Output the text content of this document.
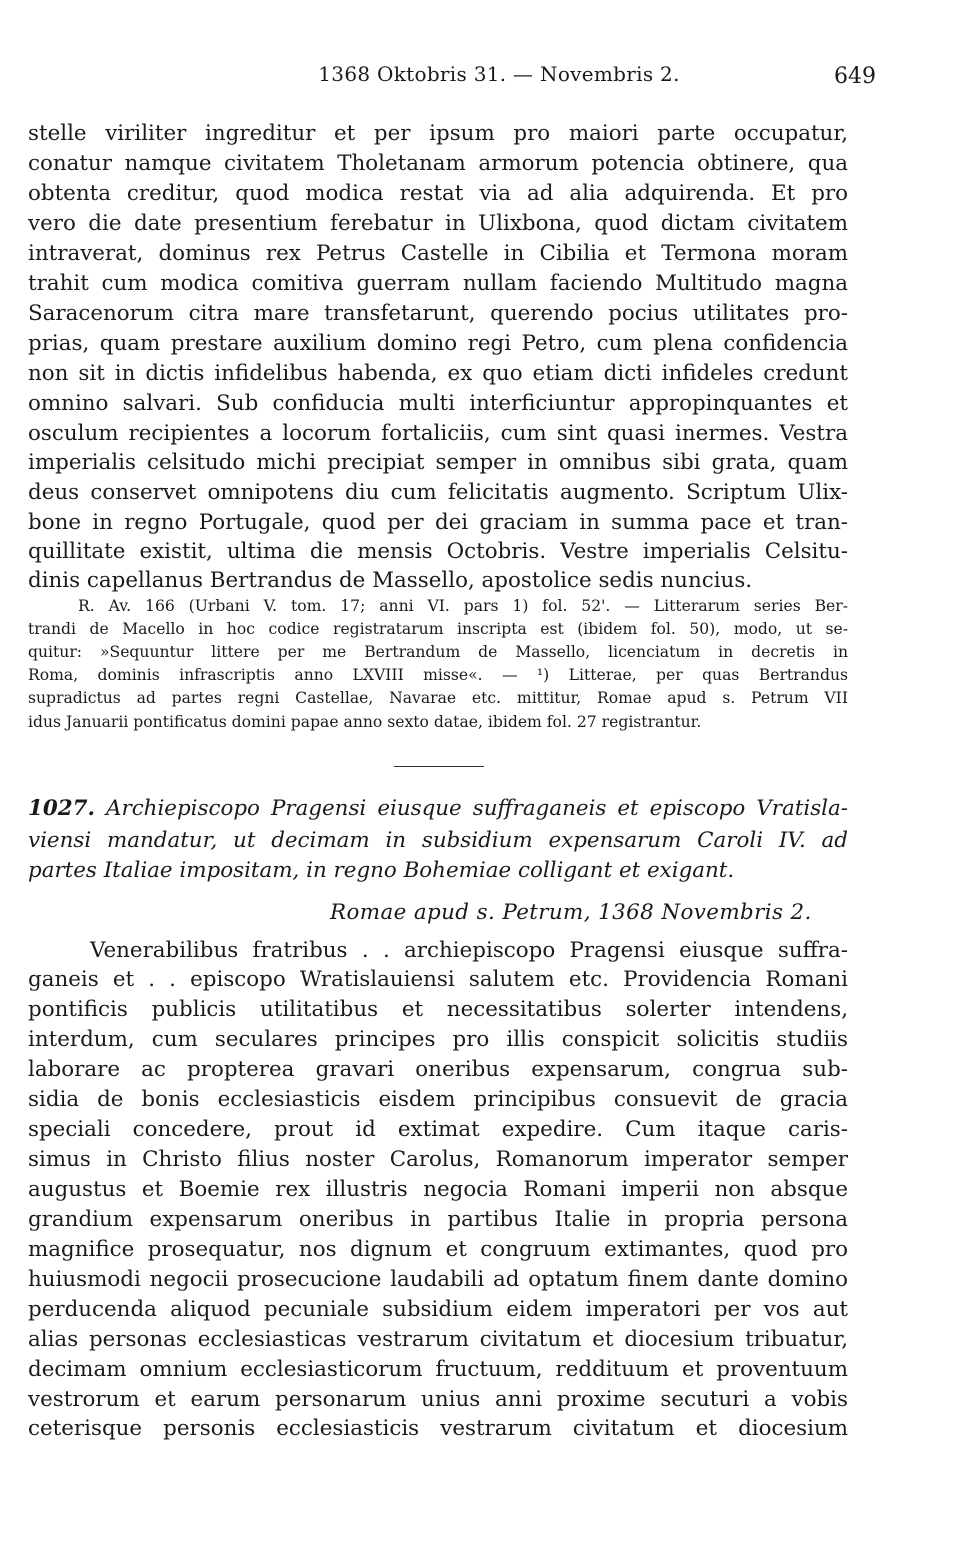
1368 Oktobris 31. — Novembris 2.	649
stelle viriliter ingreditur et per ipsum pro maiori parte occupatur,
conatur namque civitatem Tholetanam armorum potencia obtinere, qua
obtenta creditur, quod modica restat via ad alia adquirenda. Et pro
vero die date presentium ferebatur in Ulixbona, quod dictam civitatem
intraverat, dominus rex Petrus Castelle in Cibilia et Termona moram
trahit cum modica comitiva guerram nullam faciendo Multitudo magna
Saracenorum citra mare transfetarunt, querendo pocius utilitates pro-
prias, quam prestare auxilium domino regi Petro, cum plena confidencia
non sit in dictis infidelibus habenda, ex quo etiam dicti infideles credunt
omnino salvari. Sub confiducia multi interficiuntur appropinquantes et
osculum recipientes a locorum fortaliciis, cum sint quasi inermes. Vestra
imperialis celsitudo michi precipiat semper in omnibus sibi grata, quam
deus conservet omnipotens diu cum felicitatis augmento. Scriptum Ulix-
bone in regno Portugale, quod per dei graciam in summa pace et tran-
quillitate existit, ultima die mensis Octobris. Vestre imperialis Celsitu-
dinis capellanus Bertrandus de Massello, apostolice sedis nuncius.
R. Av. 166 (Urbani V. tom. 17; anni VI. pars 1) fol. 52'. — Litterarum series Ber-
trandi de Macello in hoc codice registratarum inscripta est (ibidem fol. 50), modo, ut se-
quitur: »Sequuntur littere per me Bertrandum de Massello, licenciatum in decretis in
Roma, dominis infrascriptis anno LXVIII misse«. — ¹) Litterae, per quas Bertrandus
supradictus ad partes regni Castellae, Navarae etc. mittitur, Romae apud s. Petrum VII
idus Januarii pontificatus domini papae anno sexto datae, ibidem fol. 27 registrantur.
1027. Archiepiscopo Pragensi eiusque suffraganeis et episcopo Vratisla-
viensi mandatur, ut decimam in subsidium expensarum Caroli IV. ad
partes Italiae impositam, in regno Bohemiae colligant et exigant.
Romae apud s. Petrum, 1368 Novembris 2.
Venerabilibus fratribus . . archiepiscopo Pragensi eiusque suffra-
ganeis et . . episcopo Wratislauiensi salutem etc. Providencia Romani
pontificis publicis utilitatibus et necessitatibus solerter intendens,
interdum, cum seculares principes pro illis conspicit solicitis studiis
laborare ac propterea gravari oneribus expensarum, congrua sub-
sidia de bonis ecclesiasticis eisdem principibus consuevit de gracia
speciali concedere, prout id extimat expedire. Cum itaque caris-
simus in Christo filius noster Carolus, Romanorum imperator semper
augustus et Boemie rex illustris negocia Romani imperii non absque
grandium expensarum oneribus in partibus Italie in propria persona
magnifice prosequatur, nos dignum et congruum extimantes, quod pro
huiusmodi negocii prosecucione laudabili ad optatum finem dante domino
perducenda aliquod pecuniale subsidium eidem imperatori per vos aut
alias personas ecclesiasticas vestrarum civitatum et diocesium tribuatur,
decimam omnium ecclesiasticorum fructuum, reddituum et proventuum
vestrorum et earum personarum unius anni proxime secuturi a vobis
ceterisque personis ecclesiasticis vestrarum civitatum et diocesium
